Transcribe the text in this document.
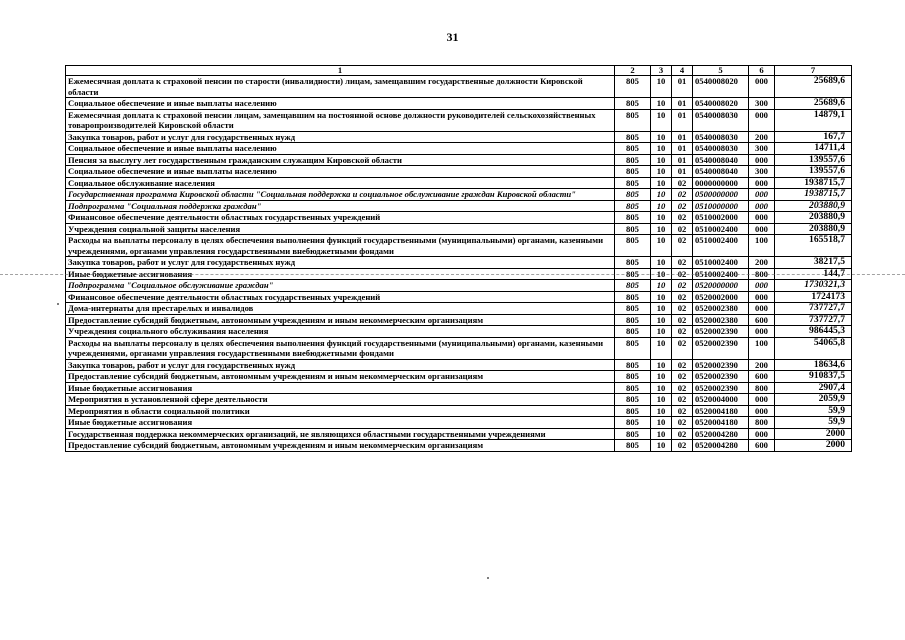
31
1	2	3	4	5	6	7
Ежемесячная доплата к страховой пенсии по старости (инвалидности) лицам, замещавшим государственные должности Кировской области	805	10	01	0540008020	000	25689,6
Социальное обеспечение и иные выплаты населению	805	10	01	0540008020	300	25689,6
Ежемесячная доплата к страховой пенсии лицам, замещавшим на постоянной основе должности руководителей сельскохозяйственных товаропроизводителей Кировской области	805	10	01	0540008030	000	14879,1
Закупка товаров, работ и услуг для государственных нужд	805	10	01	0540008030	200	167,7
Социальное обеспечение и иные выплаты населению	805	10	01	0540008030	300	14711,4
Пенсия за выслугу лет государственным гражданским служащим Кировской области	805	10	01	0540008040	000	139557,6
Социальное обеспечение и иные выплаты населению	805	10	01	0540008040	300	139557,6
Социальное обслуживание населения	805	10	02	0000000000	000	1938715,7
Государственная программа Кировской области "Социальная поддержка и социальное обслуживание граждан Кировской области"	805	10	02	0500000000	000	1938715,7
Подпрограмма "Социальная поддержка граждан"	805	10	02	0510000000	000	203880,9
Финансовое обеспечение деятельности областных государственных учреждений	805	10	02	0510002000	000	203880,9
Учреждения социальной защиты населения	805	10	02	0510002400	000	203880,9
Расходы на выплаты персоналу в целях обеспечения выполнения функций государственными (муниципальными) органами, казенными учреждениями, органами управления государственными внебюджетными фондами	805	10	02	0510002400	100	165518,7
Закупка товаров, работ и услуг для государственных нужд	805	10	02	0510002400	200	38217,5
Иные бюджетные ассигнования	805	10	02	0510002400	800	144,7
Подпрограмма "Социальное обслуживание граждан"	805	10	02	0520000000	000	1730321,3
Финансовое обеспечение деятельности областных государственных учреждений	805	10	02	0520002000	000	1724173
Дома-интернаты для престарелых и инвалидов	805	10	02	0520002380	000	737727,7
Предоставление субсидий бюджетным, автономным учреждениям и иным некоммерческим организациям	805	10	02	0520002380	600	737727,7
Учреждения социального обслуживания населения	805	10	02	0520002390	000	986445,3
Расходы на выплаты персоналу в целях обеспечения выполнения функций государственными (муниципальными) органами, казенными учреждениями, органами управления государственными внебюджетными фондами	805	10	02	0520002390	100	54065,8
Закупка товаров, работ и услуг для государственных нужд	805	10	02	0520002390	200	18634,6
Предоставление субсидий бюджетным, автономным учреждениям и иным некоммерческим организациям	805	10	02	0520002390	600	910837,5
Иные бюджетные ассигнования	805	10	02	0520002390	800	2907,4
Мероприятия в установленной сфере деятельности	805	10	02	0520004000	000	2059,9
Мероприятия в области социальной политики	805	10	02	0520004180	000	59,9
Иные бюджетные ассигнования	805	10	02	0520004180	800	59,9
Государственная поддержка некоммерческих организаций, не являющихся областными государственными учреждениями	805	10	02	0520004280	000	2000
Предоставление субсидий бюджетным, автономным учреждениям и иным некоммерческим организациям	805	10	02	0520004280	600	2000
